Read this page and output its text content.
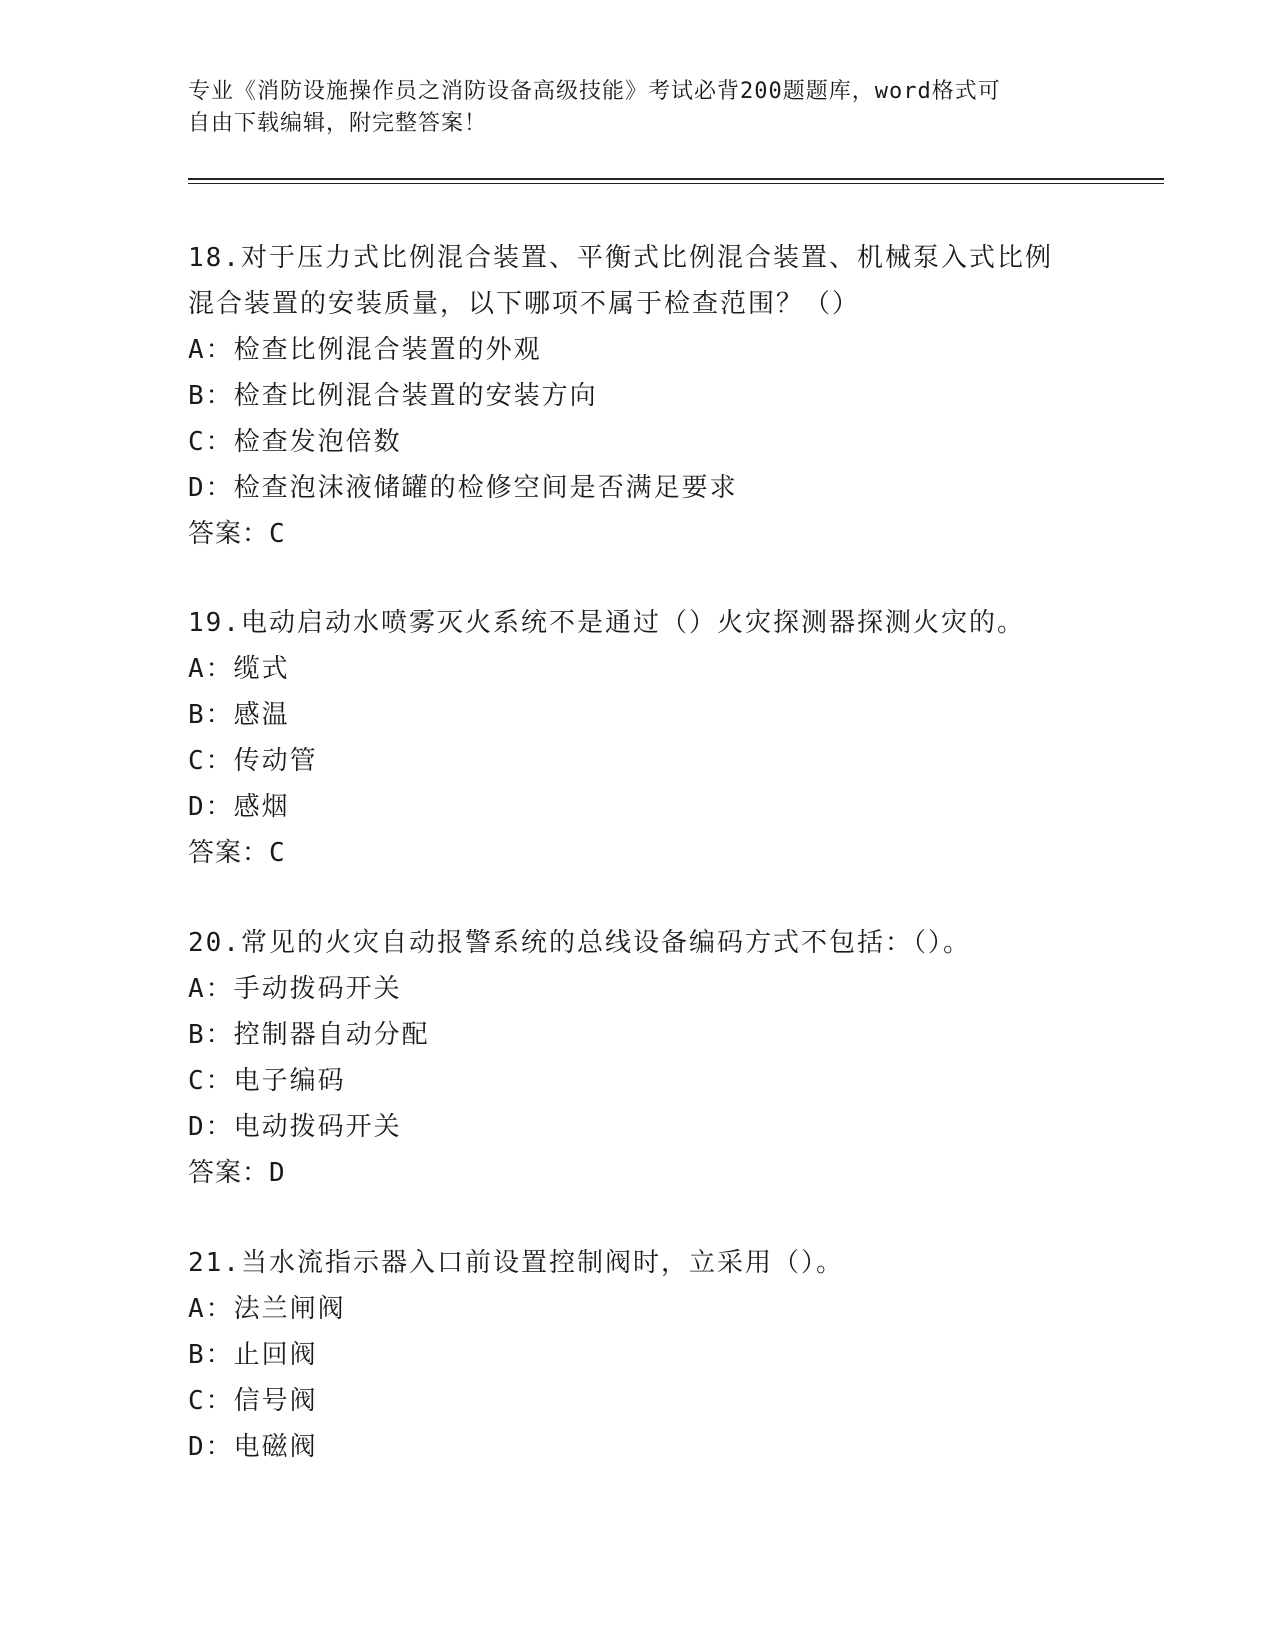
专业《消防设施操作员之消防设备高级技能》考试必背200题题库，word格式可
自由下载编辑，附完整答案！
18.对于压力式比例混合装置、平衡式比例混合装置、机械泵入式比例
混合装置的安装质量，以下哪项不属于检查范围？（）
A：检查比例混合装置的外观
B：检查比例混合装置的安装方向
C：检查发泡倍数
D：检查泡沫液储罐的检修空间是否满足要求
答案：C
19.电动启动水喷雾灭火系统不是通过（）火灾探测器探测火灾的。
A：缆式
B：感温
C：传动管
D：感烟
答案：C
20.常见的火灾自动报警系统的总线设备编码方式不包括：（）。
A：手动拨码开关
B：控制器自动分配
C：电子编码
D：电动拨码开关
答案：D
21.当水流指示器入口前设置控制阀时，立采用（）。
A：法兰闸阀
B：止回阀
C：信号阀
D：电磁阀
